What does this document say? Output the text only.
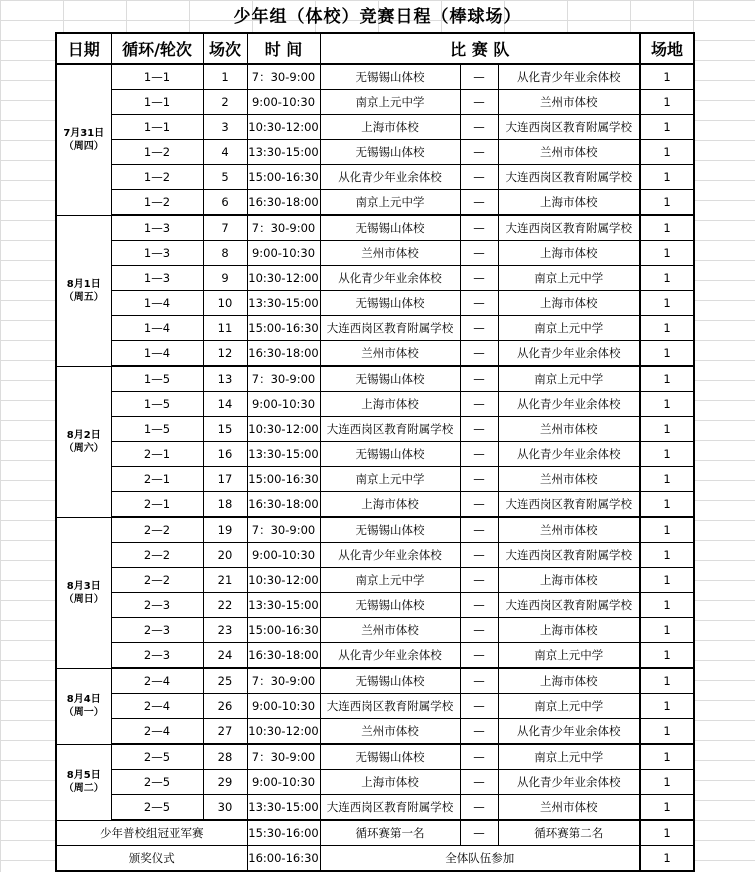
少年组（体校）竞赛日程（棒球场）
日期	循环/轮次	场次	时 间	比 赛 队			场地

7月31日
（周四）	1—1	1	7：30-9:00	无锡锡山体校	—	从化青少年业余体校	1
	1—1	2	9:00-10:30	南京上元中学	—	兰州市体校	1
	1—1	3	10:30-12:00	上海市体校	—	大连西岗区教育附属学校	1
	1—2	4	13:30-15:00	无锡锡山体校	—	兰州市体校	1
	1—2	5	15:00-16:30	从化青少年业余体校	—	大连西岗区教育附属学校	1
	1—2	6	16:30-18:00	南京上元中学	—	上海市体校	1

8月1日
（周五）	1—3	7	7：30-9:00	无锡锡山体校	—	大连西岗区教育附属学校	1
	1—3	8	9:00-10:30	兰州市体校	—	上海市体校	1
	1—3	9	10:30-12:00	从化青少年业余体校	—	南京上元中学	1
	1—4	10	13:30-15:00	无锡锡山体校	—	上海市体校	1
	1—4	11	15:00-16:30	大连西岗区教育附属学校	—	南京上元中学	1
	1—4	12	16:30-18:00	兰州市体校	—	从化青少年业余体校	1

8月2日
（周六）	1—5	13	7：30-9:00	无锡锡山体校	—	南京上元中学	1
	1—5	14	9:00-10:30	上海市体校	—	从化青少年业余体校	1
	1—5	15	10:30-12:00	大连西岗区教育附属学校	—	兰州市体校	1
	2—1	16	13:30-15:00	无锡锡山体校	—	从化青少年业余体校	1
	2—1	17	15:00-16:30	南京上元中学	—	兰州市体校	1
	2—1	18	16:30-18:00	上海市体校	—	大连西岗区教育附属学校	1

8月3日
（周日）	2—2	19	7：30-9:00	无锡锡山体校	—	兰州市体校	1
	2—2	20	9:00-10:30	从化青少年业余体校	—	大连西岗区教育附属学校	1
	2—2	21	10:30-12:00	南京上元中学	—	上海市体校	1
	2—3	22	13:30-15:00	无锡锡山体校	—	大连西岗区教育附属学校	1
	2—3	23	15:00-16:30	兰州市体校	—	上海市体校	1
	2—3	24	16:30-18:00	从化青少年业余体校	—	南京上元中学	1

8月4日
（周一）	2—4	25	7：30-9:00	无锡锡山体校	—	上海市体校	1
	2—4	26	9:00-10:30	大连西岗区教育附属学校	—	南京上元中学	1
	2—4	27	10:30-12:00	兰州市体校	—	从化青少年业余体校	1

8月5日
（周二）	2—5	28	7：30-9:00	无锡锡山体校	—	南京上元中学	1
	2—5	29	9:00-10:30	上海市体校	—	从化青少年业余体校	1
	2—5	30	13:30-15:00	大连西岗区教育附属学校	—	兰州市体校	1
少年普校组冠亚军赛			15:30-16:00	循环赛第一名	—	循环赛第二名	1
颁奖仪式			16:00-16:30	全体队伍参加			1
